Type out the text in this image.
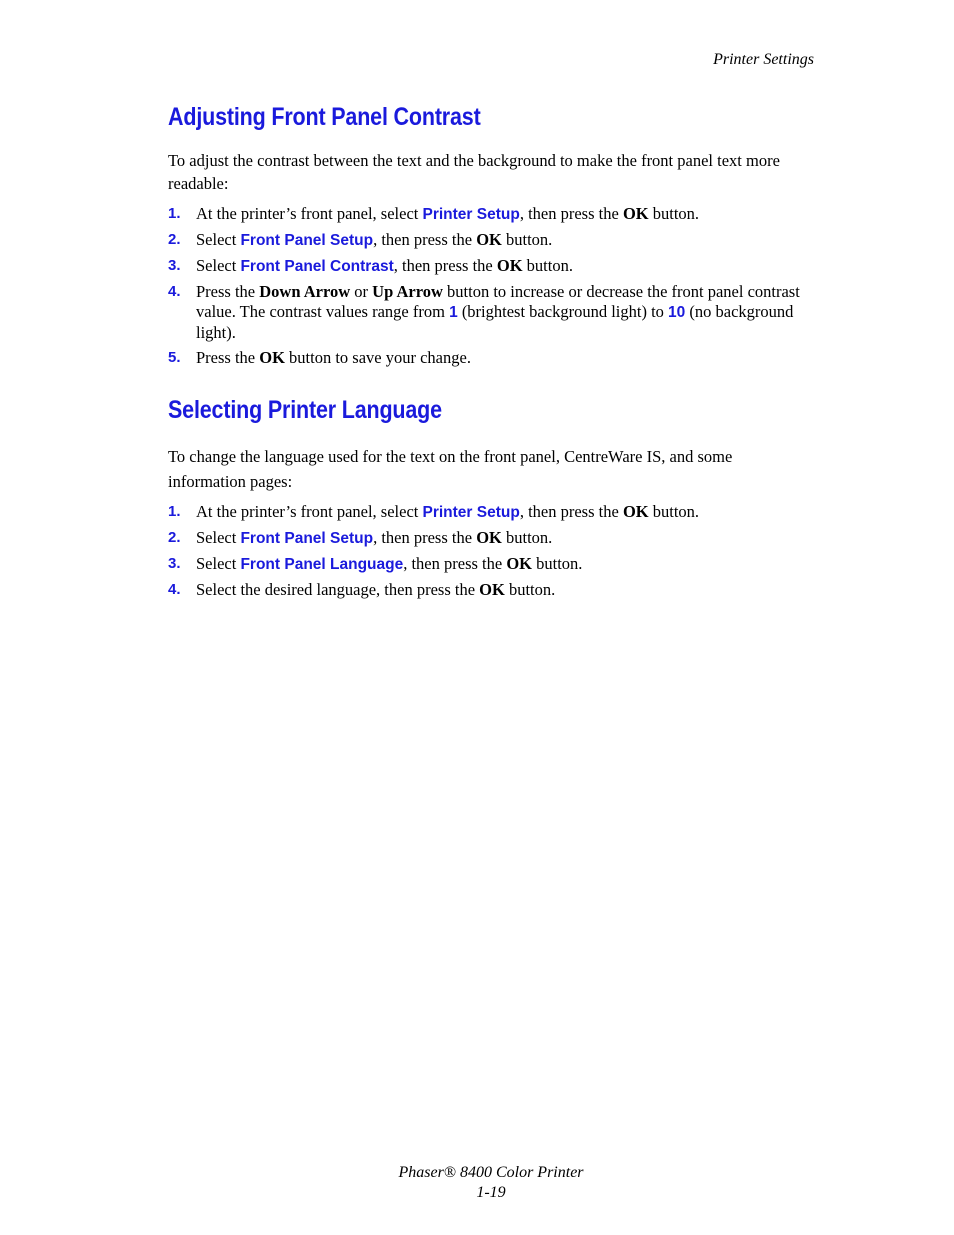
Printer Settings
Adjusting Front Panel Contrast

To adjust the contrast between the text and the background to make the front panel text more readable:

1. At the printer’s front panel, select Printer Setup, then press the OK button.
2. Select Front Panel Setup, then press the OK button.
3. Select Front Panel Contrast, then press the OK button.
4. Press the Down Arrow or Up Arrow button to increase or decrease the front panel contrast value. The contrast values range from 1 (brightest background light) to 10 (no background light).
5. Press the OK button to save your change.
Selecting Printer Language

To change the language used for the text on the front panel, CentreWare IS, and some information pages:

1. At the printer’s front panel, select Printer Setup, then press the OK button.
2. Select Front Panel Setup, then press the OK button.
3. Select Front Panel Language, then press the OK button.
4. Select the desired language, then press the OK button.
Phaser® 8400 Color Printer
1-19
